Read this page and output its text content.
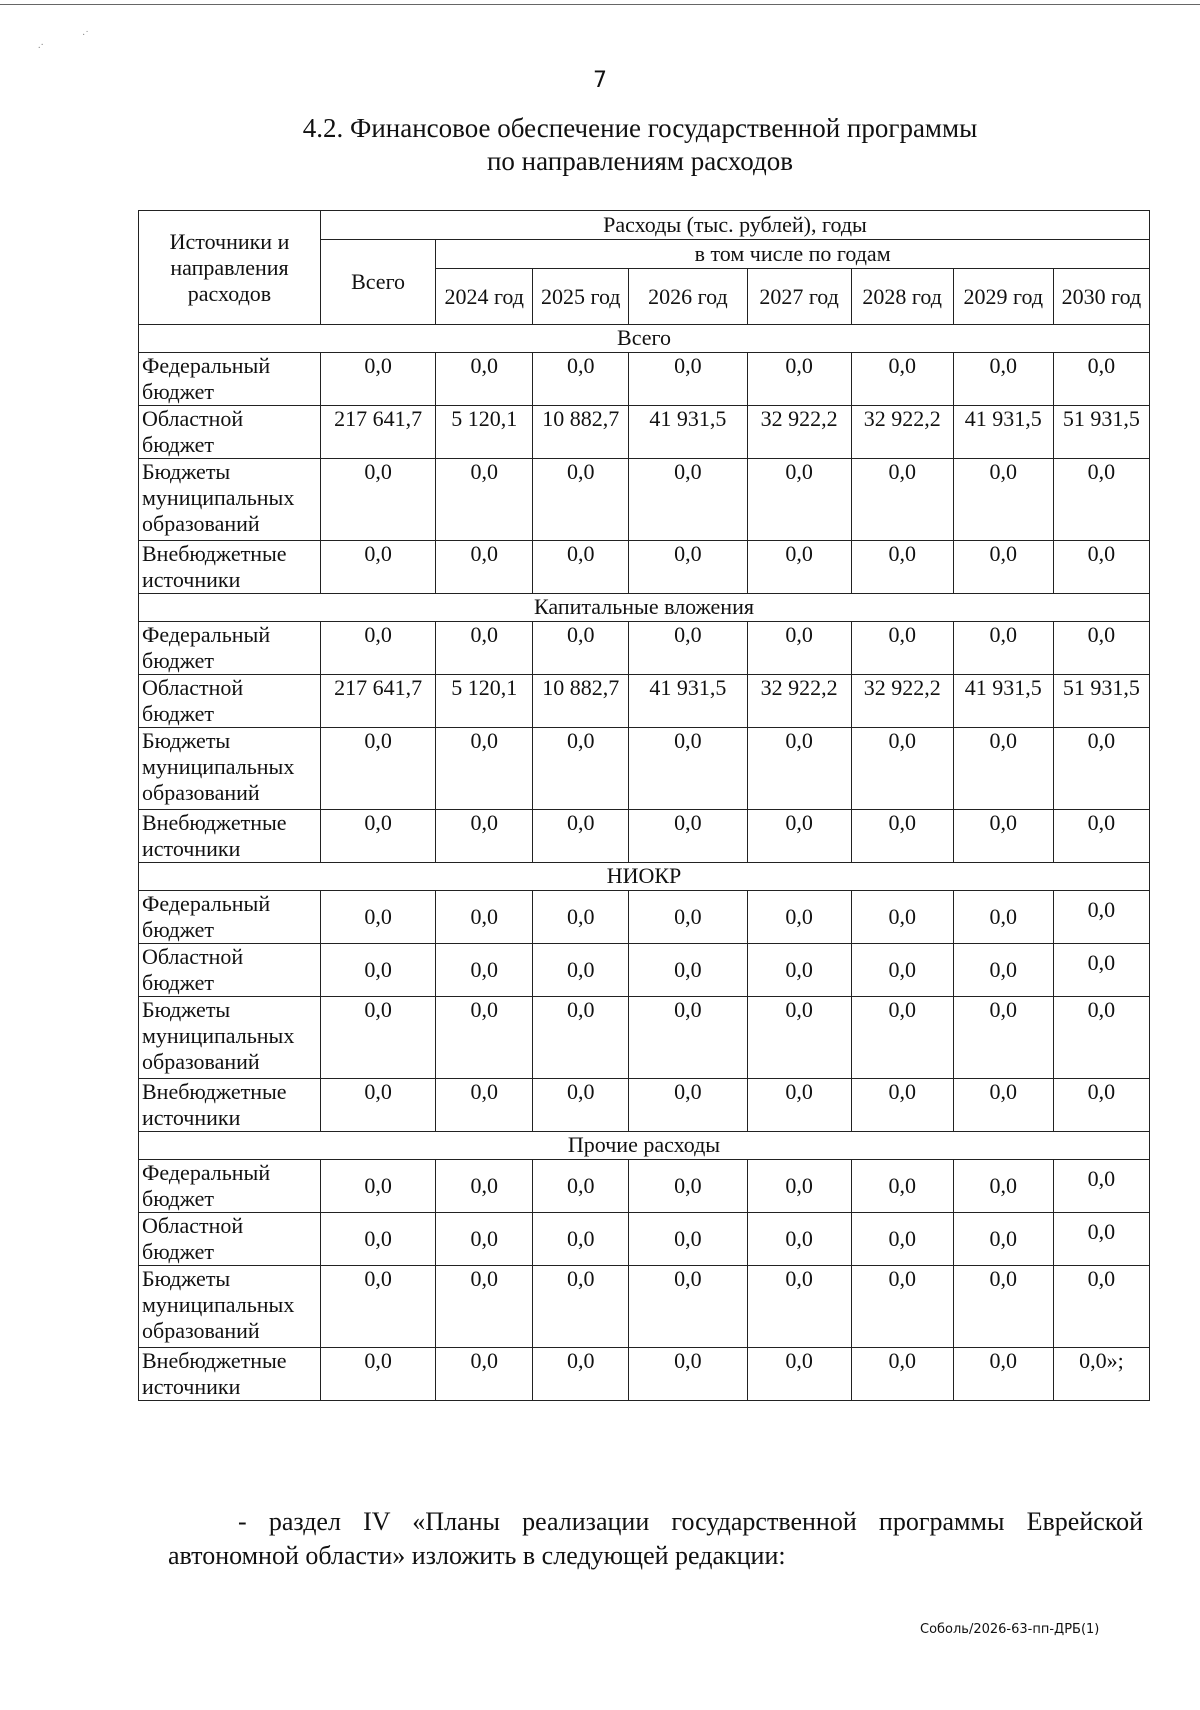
.·
·˙
7
4.2. Финансовое обеспечение государственной программы
по направлениям расходов
Источники и направления расходов	Расходы (тыс. рублей), годы							
	Всего	в том числе по годам						
		2024 год	2025 год	2026 год	2027 год	2028 год	2029 год	2030 год
Всего								
Федеральный бюджет	0,0	0,0	0,0	0,0	0,0	0,0	0,0	0,0
Областной бюджет	217 641,7	5 120,1	10 882,7	41 931,5	32 922,2	32 922,2	41 931,5	51 931,5
Бюджеты муниципальных образований	0,0	0,0	0,0	0,0	0,0	0,0	0,0	0,0
Внебюджетные источники	0,0	0,0	0,0	0,0	0,0	0,0	0,0	0,0
Капитальные вложения								
Федеральный бюджет	0,0	0,0	0,0	0,0	0,0	0,0	0,0	0,0
Областной бюджет	217 641,7	5 120,1	10 882,7	41 931,5	32 922,2	32 922,2	41 931,5	51 931,5
Бюджеты муниципальных образований	0,0	0,0	0,0	0,0	0,0	0,0	0,0	0,0
Внебюджетные источники	0,0	0,0	0,0	0,0	0,0	0,0	0,0	0,0
НИОКР								
Федеральный бюджет	0,0	0,0	0,0	0,0	0,0	0,0	0,0	0,0
Областной бюджет	0,0	0,0	0,0	0,0	0,0	0,0	0,0	0,0
Бюджеты муниципальных образований	0,0	0,0	0,0	0,0	0,0	0,0	0,0	0,0
Внебюджетные источники	0,0	0,0	0,0	0,0	0,0	0,0	0,0	0,0
Прочие расходы								
Федеральный бюджет	0,0	0,0	0,0	0,0	0,0	0,0	0,0	0,0
Областной бюджет	0,0	0,0	0,0	0,0	0,0	0,0	0,0	0,0
Бюджеты муниципальных образований	0,0	0,0	0,0	0,0	0,0	0,0	0,0	0,0
Внебюджетные источники	0,0	0,0	0,0	0,0	0,0	0,0	0,0	0,0»;
- раздел IV «Планы реализации государственной программы Еврейской автономной области» изложить в следующей редакции:
Соболь/2026-63-пп-ДРБ(1)
